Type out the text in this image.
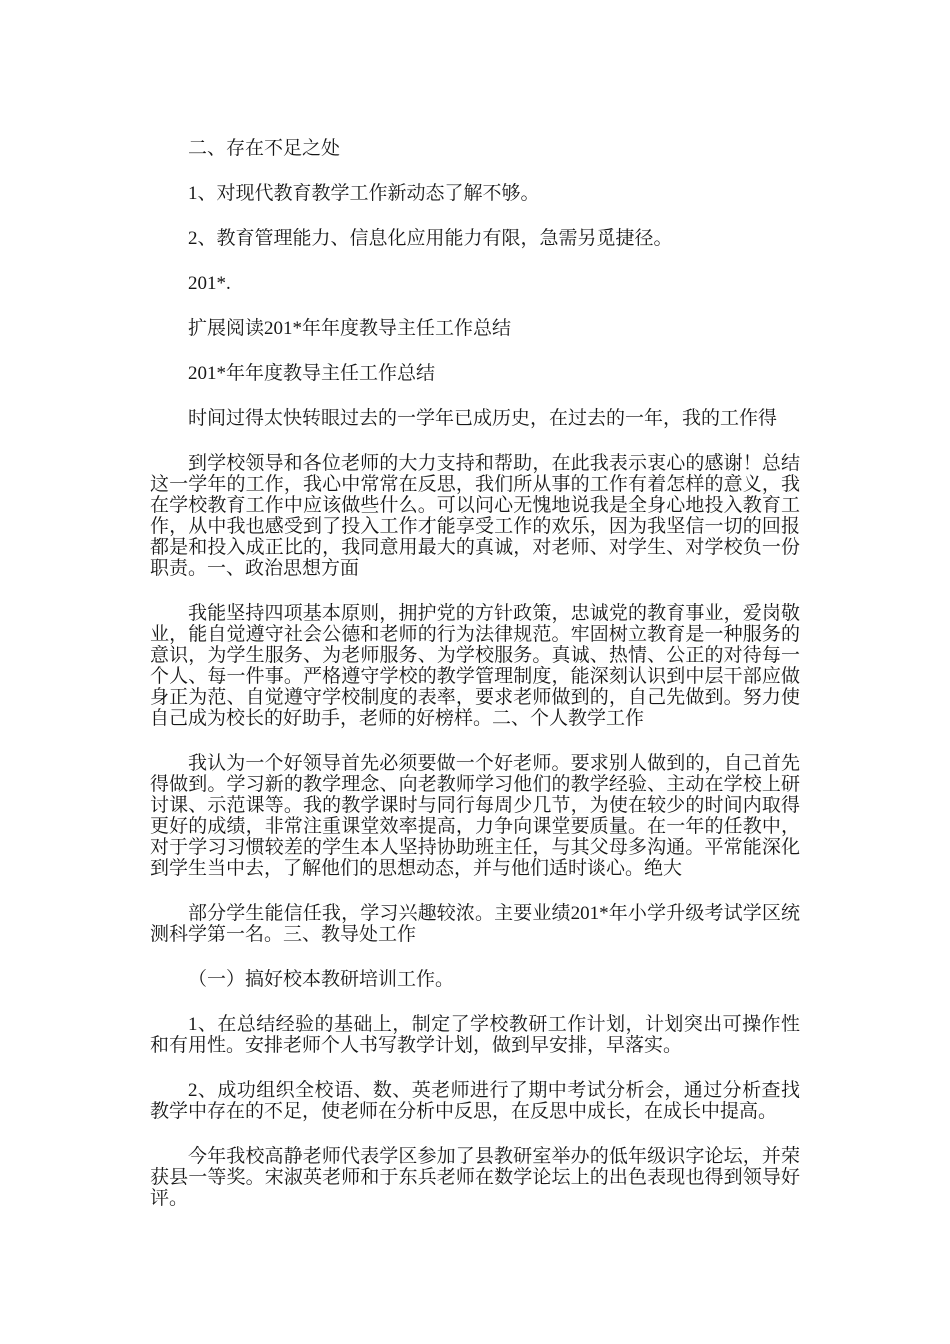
二、存在不足之处

1、对现代教育教学工作新动态了解不够。

2、教育管理能力、信息化应用能力有限，急需另觅捷径。

201*.

扩展阅读201*年年度教导主任工作总结

201*年年度教导主任工作总结

时间过得太快转眼过去的一学年已成历史，在过去的一年，我的工作得

到学校领导和各位老师的大力支持和帮助，在此我表示衷心的感谢！总结这一学年的工作，我心中常常在反思，我们所从事的工作有着怎样的意义，我在学校教育工作中应该做些什么。可以问心无愧地说我是全身心地投入教育工作，从中我也感受到了投入工作才能享受工作的欢乐，因为我坚信一切的回报都是和投入成正比的，我同意用最大的真诚，对老师、对学生、对学校负一份职责。一、政治思想方面

我能坚持四项基本原则，拥护党的方针政策，忠诚党的教育事业，爱岗敬业，能自觉遵守社会公德和老师的行为法律规范。牢固树立教育是一种服务的意识，为学生服务、为老师服务、为学校服务。真诚、热情、公正的对待每一个人、每一件事。严格遵守学校的教学管理制度，能深刻认识到中层干部应做身正为范、自觉遵守学校制度的表率，要求老师做到的，自己先做到。努力使自己成为校长的好助手，老师的好榜样。二、个人教学工作

我认为一个好领导首先必须要做一个好老师。要求别人做到的，自己首先得做到。学习新的教学理念、向老教师学习他们的教学经验、主动在学校上研讨课、示范课等。我的教学课时与同行每周少几节，为使在较少的时间内取得更好的成绩，非常注重课堂效率提高，力争向课堂要质量。在一年的任教中，对于学习习惯较差的学生本人坚持协助班主任，与其父母多沟通。平常能深化到学生当中去，了解他们的思想动态，并与他们适时谈心。绝大

部分学生能信任我，学习兴趣较浓。主要业绩201*年小学升级考试学区统测科学第一名。三、教导处工作

（一）搞好校本教研培训工作。

1、在总结经验的基础上，制定了学校教研工作计划，计划突出可操作性和有用性。安排老师个人书写教学计划，做到早安排，早落实。

2、成功组织全校语、数、英老师进行了期中考试分析会，通过分析查找教学中存在的不足，使老师在分析中反思，在反思中成长，在成长中提高。

今年我校高静老师代表学区参加了县教研室举办的低年级识字论坛，并荣获县一等奖。宋淑英老师和于东兵老师在数学论坛上的出色表现也得到领导好评。
